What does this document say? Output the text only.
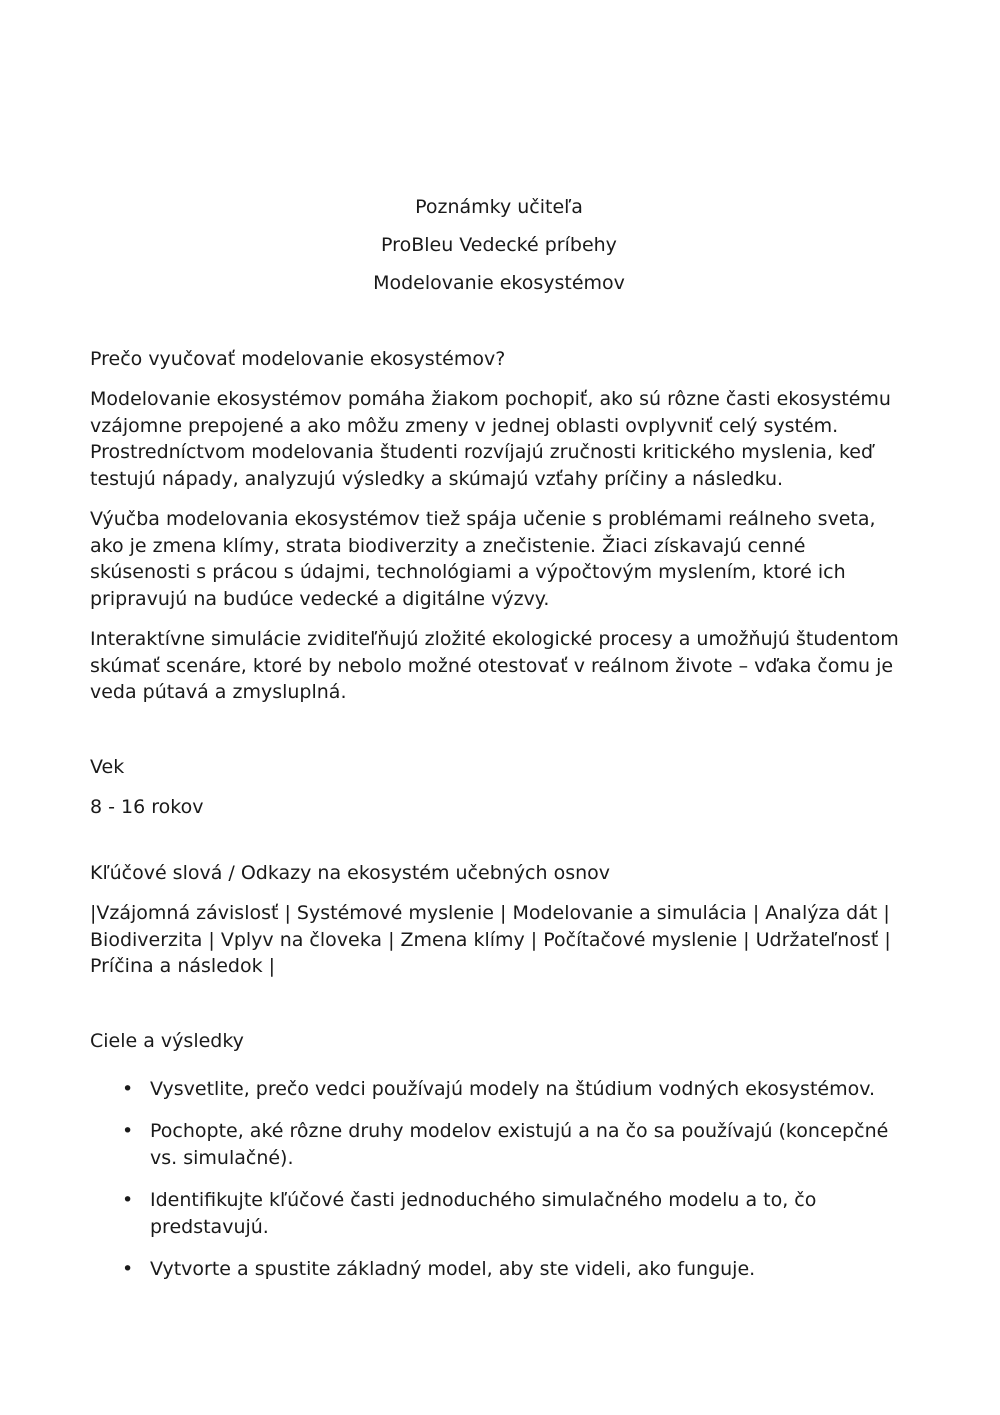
Poznámky učiteľa
ProBleu Vedecké príbehy
Modelovanie ekosystémov
Prečo vyučovať modelovanie ekosystémov?

Modelovanie ekosystémov pomáha žiakom pochopiť, ako sú rôzne časti ekosystému vzájomne prepojené a ako môžu zmeny v jednej oblasti ovplyvniť celý systém. Prostredníctvom modelovania študenti rozvíjajú zručnosti kritického myslenia, keď testujú nápady, analyzujú výsledky a skúmajú vzťahy príčiny a následku.

Výučba modelovania ekosystémov tiež spája učenie s problémami reálneho sveta, ako je zmena klímy, strata biodiverzity a znečistenie. Žiaci získavajú cenné skúsenosti s prácou s údajmi, technológiami a výpočtovým myslením, ktoré ich pripravujú na budúce vedecké a digitálne výzvy.

Interaktívne simulácie zviditeľňujú zložité ekologické procesy a umožňujú študentom skúmať scenáre, ktoré by nebolo možné otestovať v reálnom živote – vďaka čomu je veda pútavá a zmysluplná.

Vek
8 - 16 rokov
Kľúčové slová / Odkazy na ekosystém učebných osnov

|Vzájomná závislosť | Systémové myslenie | Modelovanie a simulácia | Analýza dát | Biodiverzita | Vplyv na človeka | Zmena klímy | Počítačové myslenie | Udržateľnosť | Príčina a následok |

Ciele a výsledky
• Vysvetlite, prečo vedci používajú modely na štúdium vodných ekosystémov.
• Pochopte, aké rôzne druhy modelov existujú a na čo sa používajú (koncepčné vs. simulačné).
• Identifikujte kľúčové časti jednoduchého simulačného modelu a to, čo predstavujú.
• Vytvorte a spustite základný model, aby ste videli, ako funguje.
